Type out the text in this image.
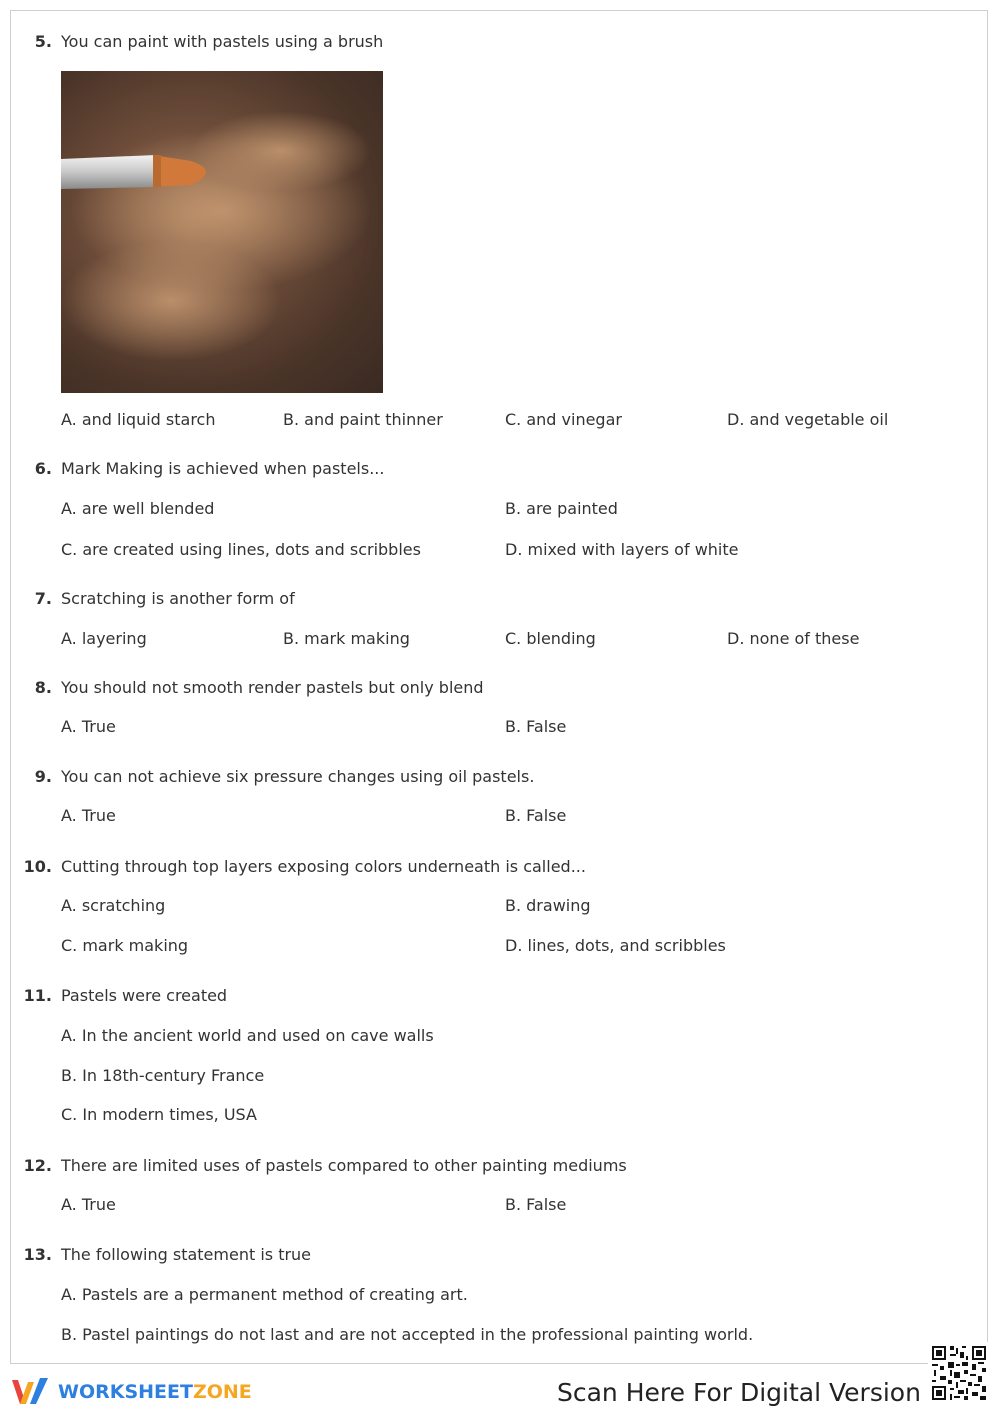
5. You can paint with pastels using a brush
A. and liquid starch	B. and paint thinner	C. and vinegar	D. and vegetable oil
6. Mark Making is achieved when pastels...
A. are well blended	B. are painted
C. are created using lines, dots and scribbles	D. mixed with layers of white
7. Scratching is another form of
A. layering	B. mark making	C. blending	D. none of these
8. You should not smooth render pastels but only blend
A. True	B. False
9. You can not achieve six pressure changes using oil pastels.
A. True	B. False
10. Cutting through top layers exposing colors underneath is called...
A. scratching	B. drawing
C. mark making	D. lines, dots, and scribbles
11. Pastels were created
A. In the ancient world and used on cave walls
B. In 18th-century France
C. In modern times, USA
12. There are limited uses of pastels compared to other painting mediums
A. True	B. False
13. The following statement is true
A. Pastels are a permanent method of creating art.
B. Pastel paintings do not last and are not accepted in the professional painting world.
WORKSHEETZONE	Scan Here For Digital Version
